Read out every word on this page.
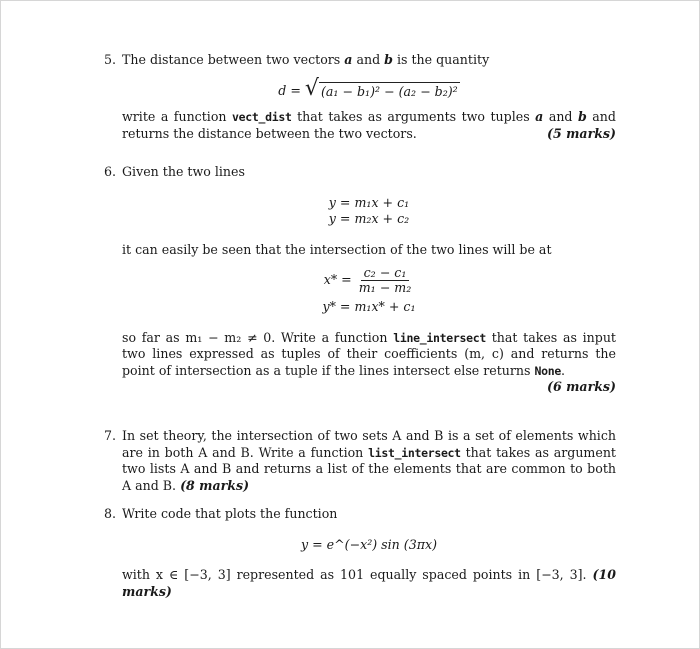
5. The distance between two vectors a and b is the quantity
d = √ (a₁ − b₁)² − (a₂ − b₂)²
write a function vect_dist that takes as arguments two tuples a and b and returns the distance between the two vectors.	(5 marks)
6. Given the two lines
y = m₁x + c₁
y = m₂x + c₂
it can easily be seen that the intersection of the two lines will be at
$x* = \frac{\text{c₂ − c₁}}{\text{m₁ − m₂}}$
y* = m₁x* + c₁
so far as m₁ − m₂ ≠ 0. Write a function line_intersect that takes as input two lines expressed as tuples of their coefficients (m, c) and returns the point of intersection as a tuple if the lines intersect else returns None.
(6 marks)
7. In set theory, the intersection of two sets A and B is a set of elements which are in both A and B. Write a function list_intersect that takes as argument two lists A and B and returns a list of the elements that are common to both A and B. (8 marks)
8. Write code that plots the function
y = e^(−x²) sin (3πx)
with x ∈ [−3, 3] represented as 101 equally spaced points in [−3, 3]. (10 marks)
